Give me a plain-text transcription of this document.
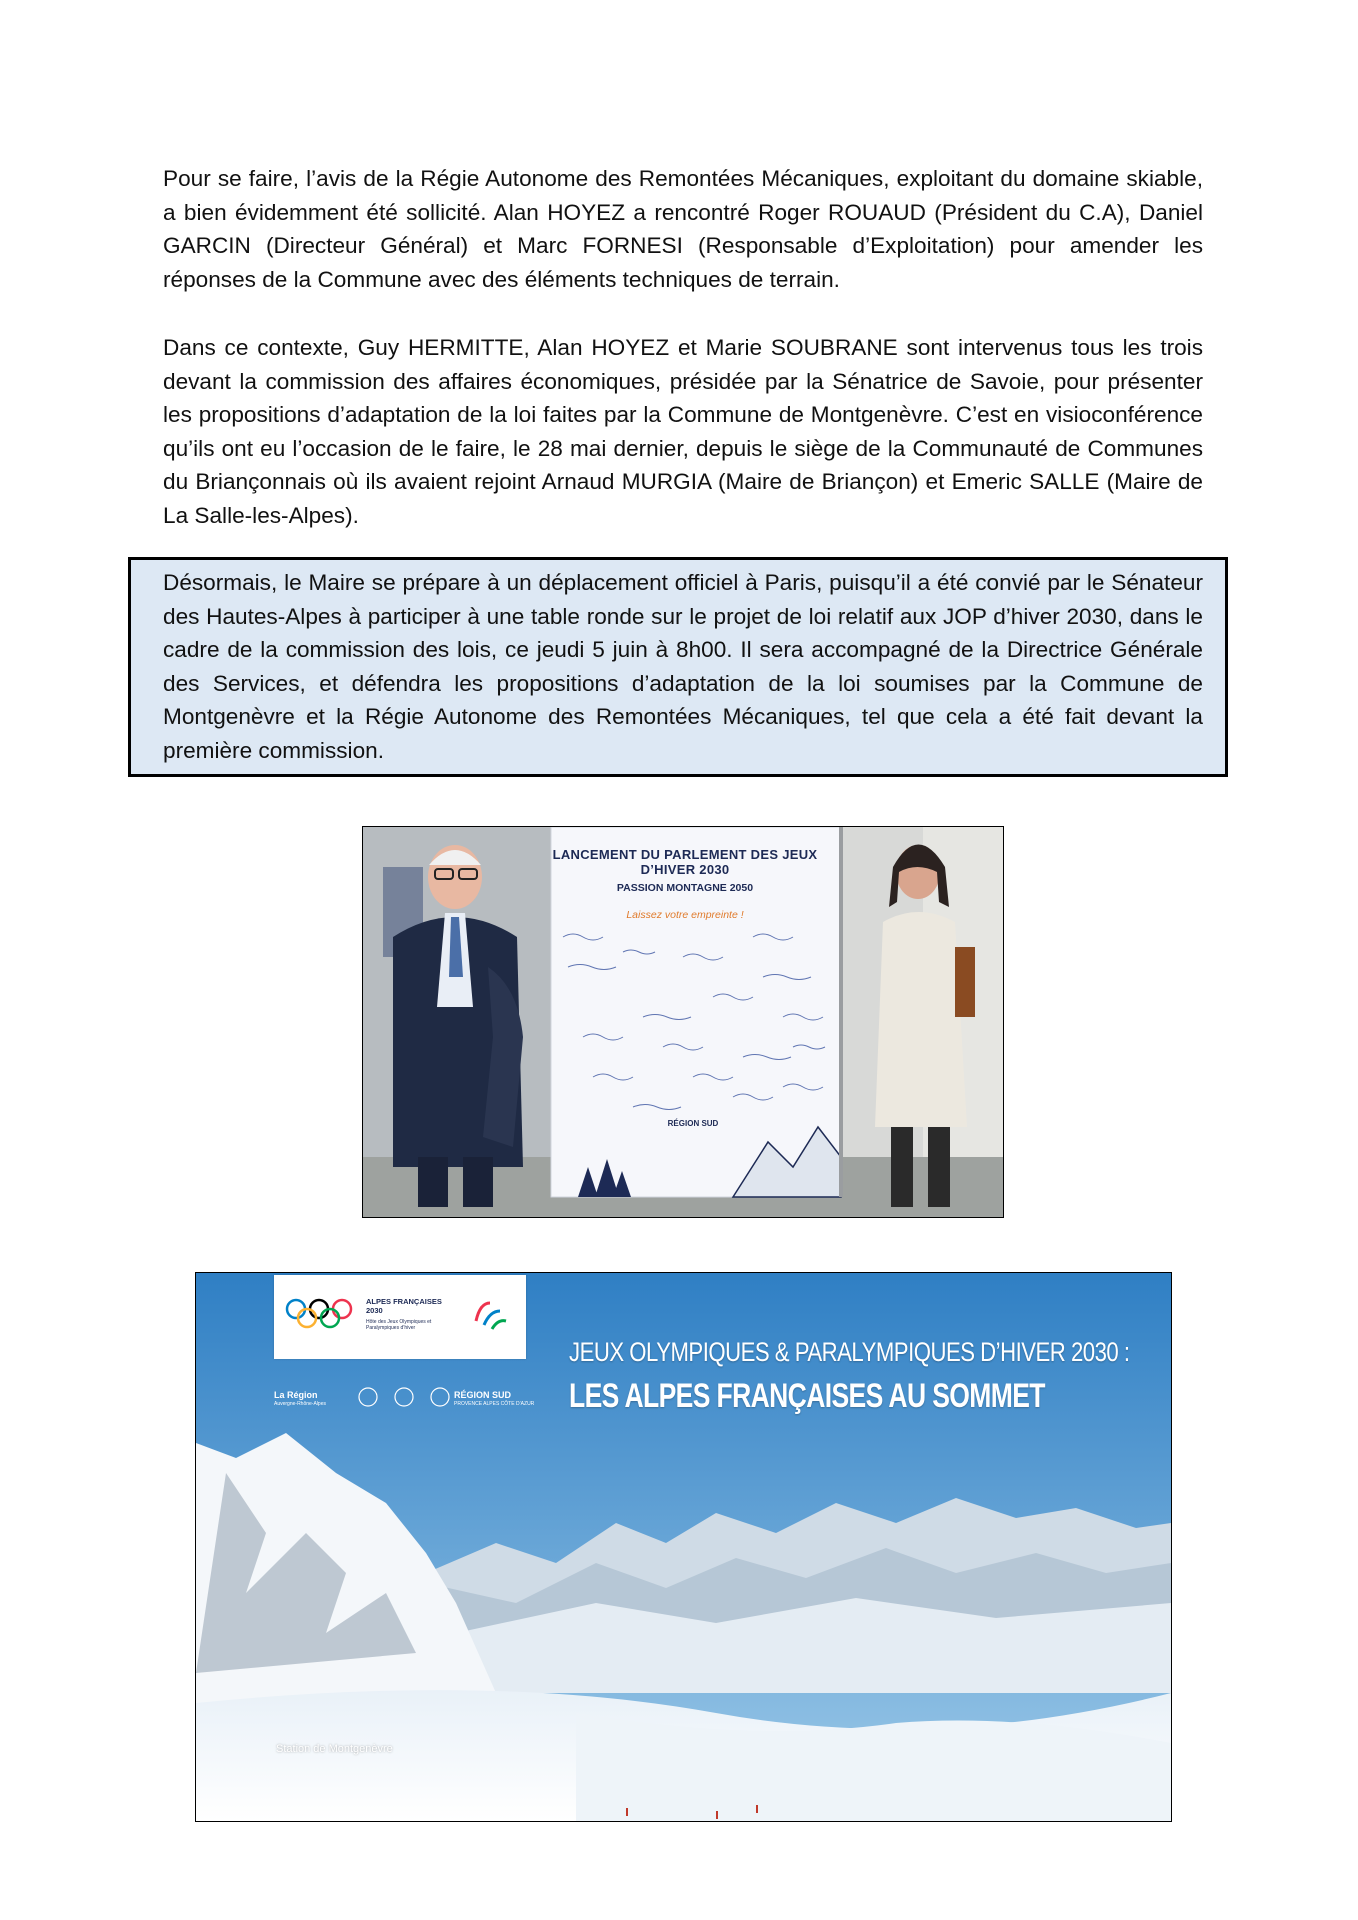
Pour se faire, l’avis de la Régie Autonome des Remontées Mécaniques, exploitant du domaine skiable, a bien évidemment été sollicité. Alan HOYEZ a rencontré Roger ROUAUD (Président du C.A), Daniel GARCIN (Directeur Général) et Marc FORNESI (Responsable d’Exploitation) pour amender les réponses de la Commune avec des éléments techniques de terrain.

Dans ce contexte, Guy HERMITTE, Alan HOYEZ et Marie SOUBRANE sont intervenus tous les trois devant la commission des affaires économiques, présidée par la Sénatrice de Savoie, pour présenter les propositions d’adaptation de la loi faites par la Commune de Montgenèvre. C’est en visioconférence qu’ils ont eu l’occasion de le faire, le 28 mai dernier, depuis le siège de la Communauté de Communes du Briançonnais où ils avaient rejoint Arnaud MURGIA (Maire de Briançon) et Emeric SALLE (Maire de La Salle-les-Alpes).

Désormais, le Maire se prépare à un déplacement officiel à Paris, puisqu’il a été convié par le Sénateur des Hautes-Alpes à participer à une table ronde sur le projet de loi relatif aux JOP d’hiver 2030, dans le cadre de la commission des lois, ce jeudi 5 juin à 8h00. Il sera accompagné de la Directrice Générale des Services, et défendra les propositions d’adaptation de la loi soumises par la Commune de Montgenèvre et la Régie Autonome des Remontées Mécaniques, tel que cela a été fait devant la première commission.

LANCEMENT DU PARLEMENT DES JEUX D’HIVER 2030
PASSION MONTAGNE 2050
Laissez votre empreinte !
RÉGION SUD
ALPES FRANÇAISES 2030
Hôte des Jeux Olympiques et Paralympiques d’hiver
La Région
Auvergne-Rhône-Alpes
RÉGION SUD
PROVENCE ALPES CÔTE D’AZUR
JEUX OLYMPIQUES & PARALYMPIQUES D’HIVER 2030 :
LES ALPES FRANÇAISES AU SOMMET
Station de Montgenèvre
